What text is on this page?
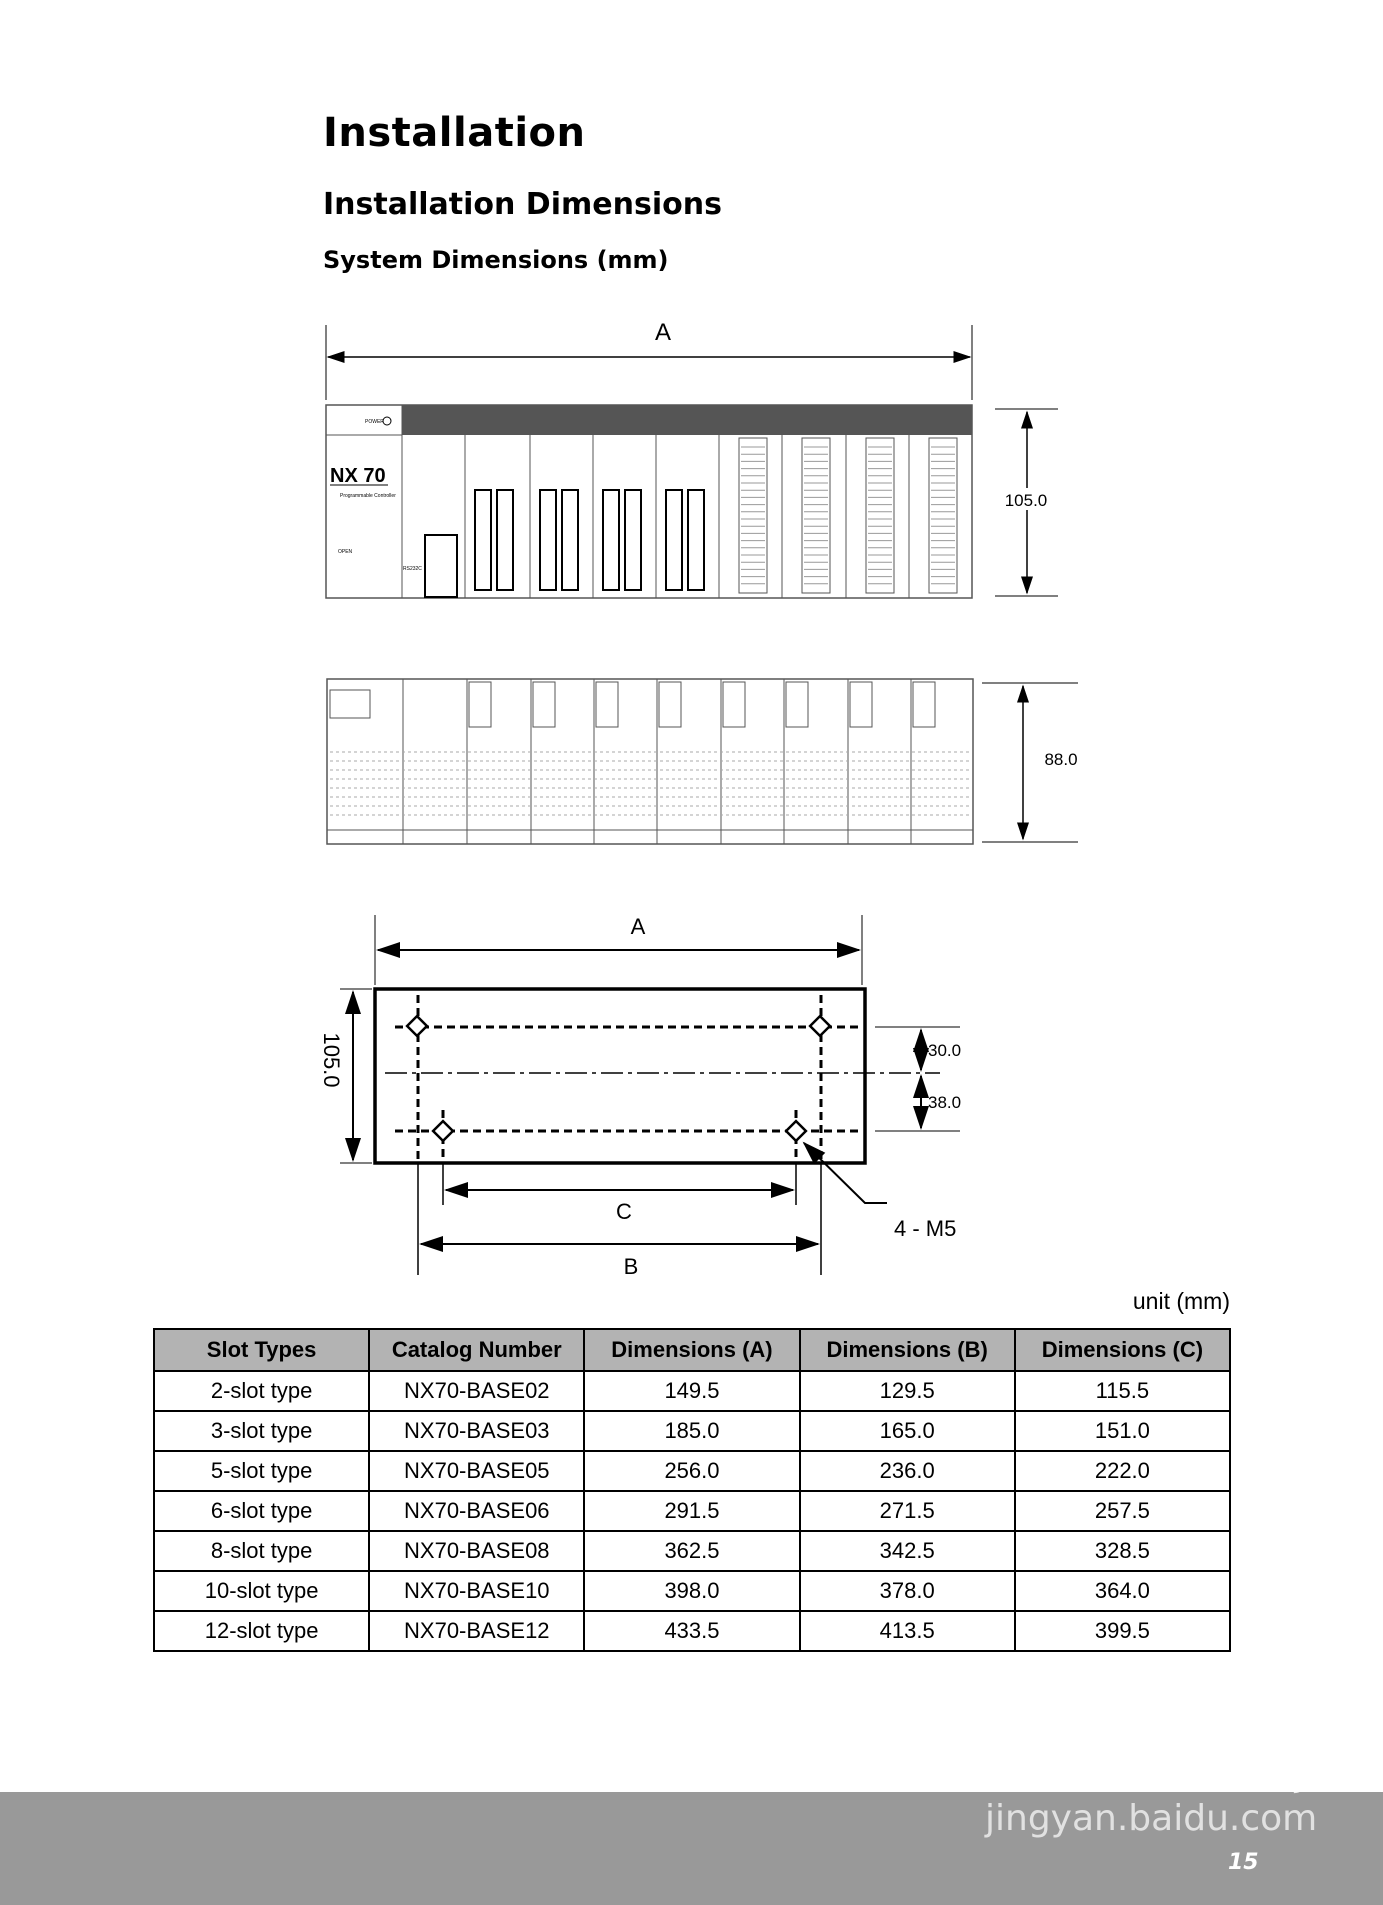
Installation
Installation Dimensions
System Dimensions (mm)
A
NX 70
Programmable Controller
POWER
OPEN
RS232C
105.0
88.0
A
C
B
105.0	30.0
38.0
4 - M5
unit (mm)
Slot Types	Catalog Number	Dimensions (A)	Dimensions (B)	Dimensions (C)
2-slot type	NX70-BASE02	149.5	129.5	115.5
3-slot type	NX70-BASE03	185.0	165.0	151.0
5-slot type	NX70-BASE05	256.0	236.0	222.0
6-slot type	NX70-BASE06	291.5	271.5	257.5
8-slot type	NX70-BASE08	362.5	342.5	328.5
10-slot type	NX70-BASE10	398.0	378.0	364.0
12-slot type	NX70-BASE12	433.5	413.5	399.5
Baidu 经验
jingyan.baidu.com
15
